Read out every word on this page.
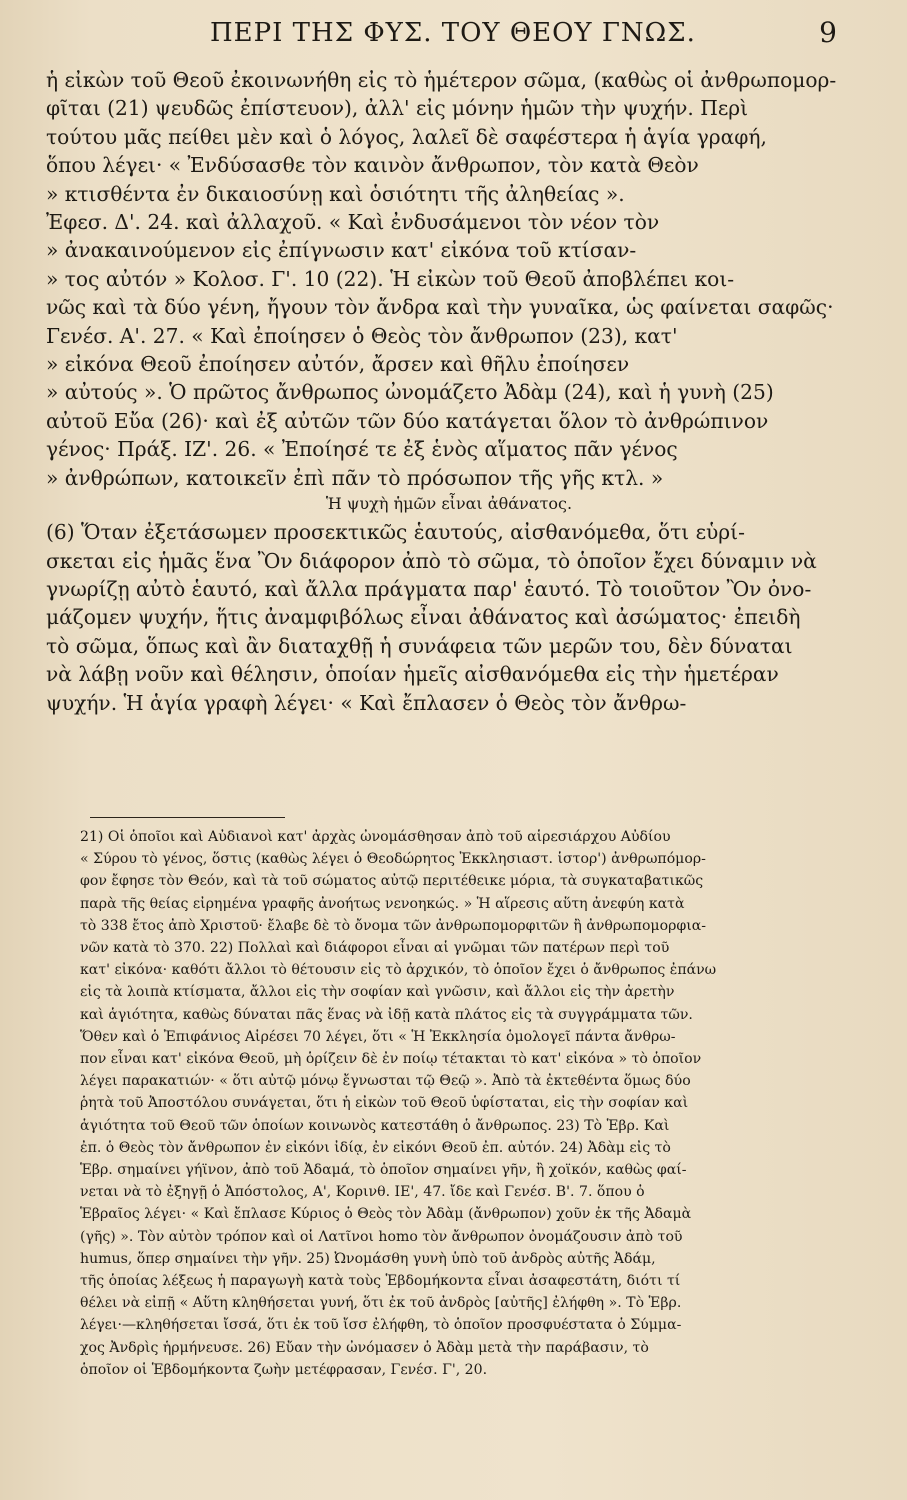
ΠΕΡΙ ΤΗΣ ΦΥΣ. ΤΟΥ ΘΕΟΥ ΓΝΩΣ.	9

ἡ εἰκὼν τοῦ Θεοῦ ἐκοινωνήθη εἰς τὸ ἡμέτερον σῶμα, (καθὼς οἱ ἀνθρωπομορ-
φῖται (21) ψευδῶς ἐπίστευον), ἀλλ' εἰς μόνην ἡμῶν τὴν ψυχήν. Περὶ
τούτου μᾶς πείθει μὲν καὶ ὁ λόγος, λαλεῖ δὲ σαφέστερα ἡ ἁγία γραφή,
ὅπου λέγει· « Ἐνδύσασθε τὸν καινὸν ἄνθρωπον, τὸν κατὰ Θεὸν
» κτισθέντα ἐν δικαιοσύνῃ καὶ ὁσιότητι τῆς ἀληθείας ».
Ἐφεσ. Δ'. 24. καὶ ἀλλαχοῦ. « Καὶ ἐνδυσάμενοι τὸν νέον τὸν
» ἀνακαινούμενον εἰς ἐπίγνωσιν κατ' εἰκόνα τοῦ κτίσαν-
» τος αὐτόν » Κολοσ. Γ'. 10 (22). Ἡ εἰκὼν τοῦ Θεοῦ ἀποβλέπει κοι-
νῶς καὶ τὰ δύο γένη, ἤγουν τὸν ἄνδρα καὶ τὴν γυναῖκα, ὡς φαίνεται σαφῶς·
Γενέσ. Α'. 27. « Καὶ ἐποίησεν ὁ Θεὸς τὸν ἄνθρωπον (23), κατ'
» εἰκόνα Θεοῦ ἐποίησεν αὐτόν, ἄρσεν καὶ θῆλυ ἐποίησεν
» αὐτούς ». Ὁ πρῶτος ἄνθρωπος ὠνομάζετο Ἀδὰμ (24), καὶ ἡ γυνὴ (25)
αὐτοῦ Εὔα (26)· καὶ ἐξ αὐτῶν τῶν δύο κατάγεται ὅλον τὸ ἀνθρώπινον
γένος· Πράξ. ΙΖ'. 26. « Ἐποίησέ τε ἐξ ἑνὸς αἵματος πᾶν γένος
» ἀνθρώπων, κατοικεῖν ἐπὶ πᾶν τὸ πρόσωπον τῆς γῆς κτλ. »

Ἡ ψυχὴ ἡμῶν εἶναι ἀθάνατος.

(6) Ὅταν ἐξετάσωμεν προσεκτικῶς ἑαυτούς, αἰσθανόμεθα, ὅτι εὑρί-
σκεται εἰς ἡμᾶς ἕνα Ὂν διάφορον ἀπὸ τὸ σῶμα, τὸ ὁποῖον ἔχει δύναμιν νὰ
γνωρίζῃ αὐτὸ ἑαυτό, καὶ ἄλλα πράγματα παρ' ἑαυτό. Τὸ τοιοῦτον Ὂν ὀνο-
μάζομεν ψυχήν, ἥτις ἀναμφιβόλως εἶναι ἀθάνατος καὶ ἀσώματος· ἐπειδὴ
τὸ σῶμα, ὅπως καὶ ἂν διαταχθῇ ἡ συνάφεια τῶν μερῶν του, δὲν δύναται
νὰ λάβῃ νοῦν καὶ θέλησιν, ὁποίαν ἡμεῖς αἰσθανόμεθα εἰς τὴν ἡμετέραν
ψυχήν. Ἡ ἁγία γραφὴ λέγει· « Καὶ ἔπλασεν ὁ Θεὸς τὸν ἄνθρω-

21) Οἱ ὁποῖοι καὶ Αὐδιανοὶ κατ' ἀρχὰς ὠνομάσθησαν ἀπὸ τοῦ αἱρεσιάρχου Αὐδίου
« Σύρου τὸ γένος, ὅστις (καθὼς λέγει ὁ Θεοδώρητος Ἐκκλησιαστ. ἱστορ') ἀνθρωπόμορ-
φον ἔφησε τὸν Θεόν, καὶ τὰ τοῦ σώματος αὐτῷ περιτέθεικε μόρια, τὰ συγκαταβατικῶς
παρὰ τῆς θείας εἰρημένα γραφῆς ἀνοήτως νενοηκώς. » Ἡ αἵρεσις αὕτη ἀνεφύη κατὰ
τὸ 338 ἔτος ἀπὸ Χριστοῦ· ἔλαβε δὲ τὸ ὄνομα τῶν ἀνθρωπομορφιτῶν ἢ ἀνθρωπομορφια-
νῶν κατὰ τὸ 370. 22) Πολλαὶ καὶ διάφοροι εἶναι αἱ γνῶμαι τῶν πατέρων περὶ τοῦ
κατ' εἰκόνα· καθότι ἄλλοι τὸ θέτουσιν εἰς τὸ ἀρχικόν, τὸ ὁποῖον ἔχει ὁ ἄνθρωπος ἐπάνω
εἰς τὰ λοιπὰ κτίσματα, ἄλλοι εἰς τὴν σοφίαν καὶ γνῶσιν, καὶ ἄλλοι εἰς τὴν ἀρετὴν
καὶ ἁγιότητα, καθὼς δύναται πᾶς ἕνας νὰ ἰδῇ κατὰ πλάτος εἰς τὰ συγγράμματα τῶν.
Ὅθεν καὶ ὁ Ἐπιφάνιος Αἱρέσει 70 λέγει, ὅτι « Ἡ Ἐκκλησία ὁμολογεῖ πάντα ἄνθρω-
πον εἶναι κατ' εἰκόνα Θεοῦ, μὴ ὁρίζειν δὲ ἐν ποίῳ τέτακται τὸ κατ' εἰκόνα » τὸ ὁποῖον
λέγει παρακατιών· « ὅτι αὐτῷ μόνῳ ἔγνωσται τῷ Θεῷ ». Ἀπὸ τὰ ἐκτεθέντα ὅμως δύο
ῥητὰ τοῦ Ἀποστόλου συνάγεται, ὅτι ἡ εἰκὼν τοῦ Θεοῦ ὑφίσταται, εἰς τὴν σοφίαν καὶ
ἁγιότητα τοῦ Θεοῦ τῶν ὁποίων κοινωνὸς κατεστάθη ὁ ἄνθρωπος. 23) Τὸ Ἑβρ. Καὶ
ἐπ. ὁ Θεὸς τὸν ἄνθρωπον ἐν εἰκόνι ἰδίᾳ, ἐν εἰκόνι Θεοῦ ἐπ. αὐτόν. 24) Ἀδὰμ εἰς τὸ
Ἑβρ. σημαίνει γήϊνον, ἀπὸ τοῦ Ἀδαμά, τὸ ὁποῖον σημαίνει γῆν, ἢ χοϊκόν, καθὼς φαί-
νεται νὰ τὸ ἐξηγῇ ὁ Ἀπόστολος, Α', Κορινθ. ΙΕ', 47. ἴδε καὶ Γενέσ. Β'. 7. ὅπου ὁ
Ἑβραῖος λέγει· « Καὶ ἔπλασε Κύριος ὁ Θεὸς τὸν Ἀδὰμ (ἄνθρωπον) χοῦν ἐκ τῆς Ἀδαμὰ
(γῆς) ». Τὸν αὐτὸν τρόπον καὶ οἱ Λατῖνοι homo τὸν ἄνθρωπον ὀνομάζουσιν ἀπὸ τοῦ
humus, ὅπερ σημαίνει τὴν γῆν. 25) Ὠνομάσθη γυνὴ ὑπὸ τοῦ ἀνδρὸς αὐτῆς Ἀδάμ,
τῆς ὁποίας λέξεως ἡ παραγωγὴ κατὰ τοὺς Ἑβδομήκοντα εἶναι ἀσαφεστάτη, διότι τί
θέλει νὰ εἰπῇ « Αὕτη κληθήσεται γυνή, ὅτι ἐκ τοῦ ἀνδρὸς [αὐτῆς] ἐλήφθη ». Τὸ Ἑβρ.
λέγει·—κληθήσεται ἴσσά, ὅτι ἐκ τοῦ ἴσσ ἐλήφθη, τὸ ὁποῖον προσφυέστατα ὁ Σύμμα-
χος Ἀνδρὶς ἡρμήνευσε. 26) Εὔαν τὴν ὠνόμασεν ὁ Ἀδὰμ μετὰ τὴν παράβασιν, τὸ
ὁποῖον οἱ Ἑβδομήκοντα ζωὴν μετέφρασαν, Γενέσ. Γ', 20.
